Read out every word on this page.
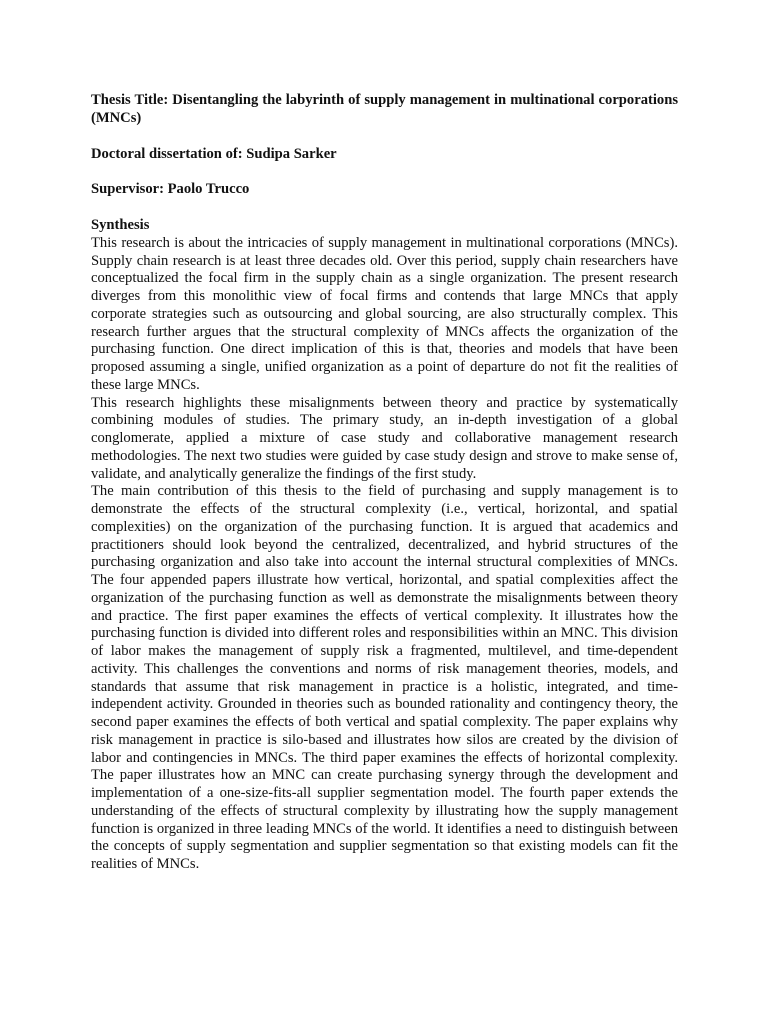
Thesis Title: Disentangling the labyrinth of supply management in multinational corporations (MNCs)

Doctoral dissertation of: Sudipa Sarker

Supervisor: Paolo Trucco

Synthesis

This research is about the intricacies of supply management in multinational corporations (MNCs). Supply chain research is at least three decades old. Over this period, supply chain researchers have conceptualized the focal firm in the supply chain as a single organization. The present research diverges from this monolithic view of focal firms and contends that large MNCs that apply corporate strategies such as outsourcing and global sourcing, are also structurally complex. This research further argues that the structural complexity of MNCs affects the organization of the purchasing function. One direct implication of this is that, theories and models that have been proposed assuming a single, unified organization as a point of departure do not fit the realities of these large MNCs.

This research highlights these misalignments between theory and practice by systematically combining modules of studies. The primary study, an in-depth investigation of a global conglomerate, applied a mixture of case study and collaborative management research methodologies. The next two studies were guided by case study design and strove to make sense of, validate, and analytically generalize the findings of the first study.

The main contribution of this thesis to the field of purchasing and supply management is to demonstrate the effects of the structural complexity (i.e., vertical, horizontal, and spatial complexities) on the organization of the purchasing function. It is argued that academics and practitioners should look beyond the centralized, decentralized, and hybrid structures of the purchasing organization and also take into account the internal structural complexities of MNCs. The four appended papers illustrate how vertical, horizontal, and spatial complexities affect the organization of the purchasing function as well as demonstrate the misalignments between theory and practice. The first paper examines the effects of vertical complexity. It illustrates how the purchasing function is divided into different roles and responsibilities within an MNC. This division of labor makes the management of supply risk a fragmented, multilevel, and time-dependent activity. This challenges the conventions and norms of risk management theories, models, and standards that assume that risk management in practice is a holistic, integrated, and time-independent activity. Grounded in theories such as bounded rationality and contingency theory, the second paper examines the effects of both vertical and spatial complexity. The paper explains why risk management in practice is silo-based and illustrates how silos are created by the division of labor and contingencies in MNCs. The third paper examines the effects of horizontal complexity. The paper illustrates how an MNC can create purchasing synergy through the development and implementation of a one-size-fits-all supplier segmentation model. The fourth paper extends the understanding of the effects of structural complexity by illustrating how the supply management function is organized in three leading MNCs of the world. It identifies a need to distinguish between the concepts of supply segmentation and supplier segmentation so that existing models can fit the realities of MNCs.
